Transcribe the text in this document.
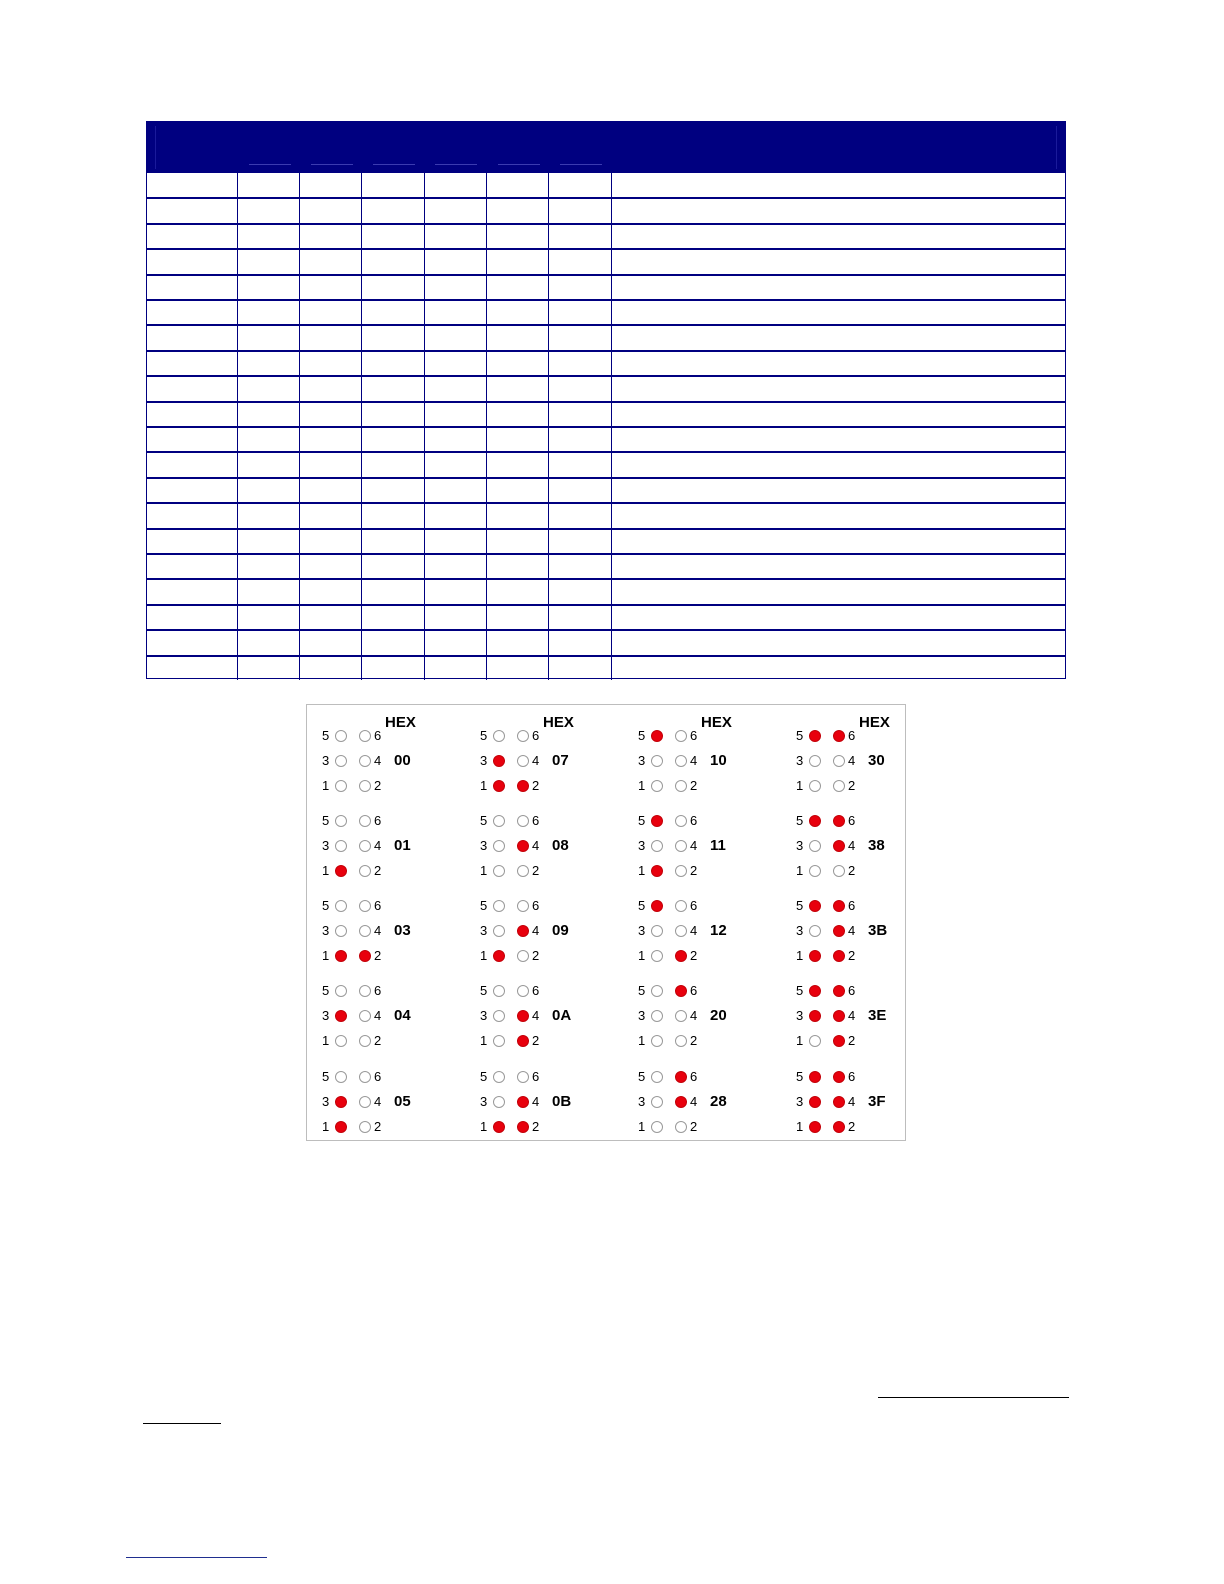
HEX
5	6
3	4
1	2
00
5	6
3	4
1	2
01
5	6
3	4
1	2
03
5	6
3	4
1	2
04
5	6
3	4
1	2
05
HEX
5	6
3	4
1	2
07
5	6
3	4
1	2
08
5	6
3	4
1	2
09
5	6
3	4
1	2
0A
5	6
3	4
1	2
0B
HEX
5	6
3	4
1	2
10
5	6
3	4
1	2
11
5	6
3	4
1	2
12
5	6
3	4
1	2
20
5	6
3	4
1	2
28
HEX
5	6
3	4
1	2
30
5	6
3	4
1	2
38
5	6
3	4
1	2
3B
5	6
3	4
1	2
3E
5	6
3	4
1	2
3F
